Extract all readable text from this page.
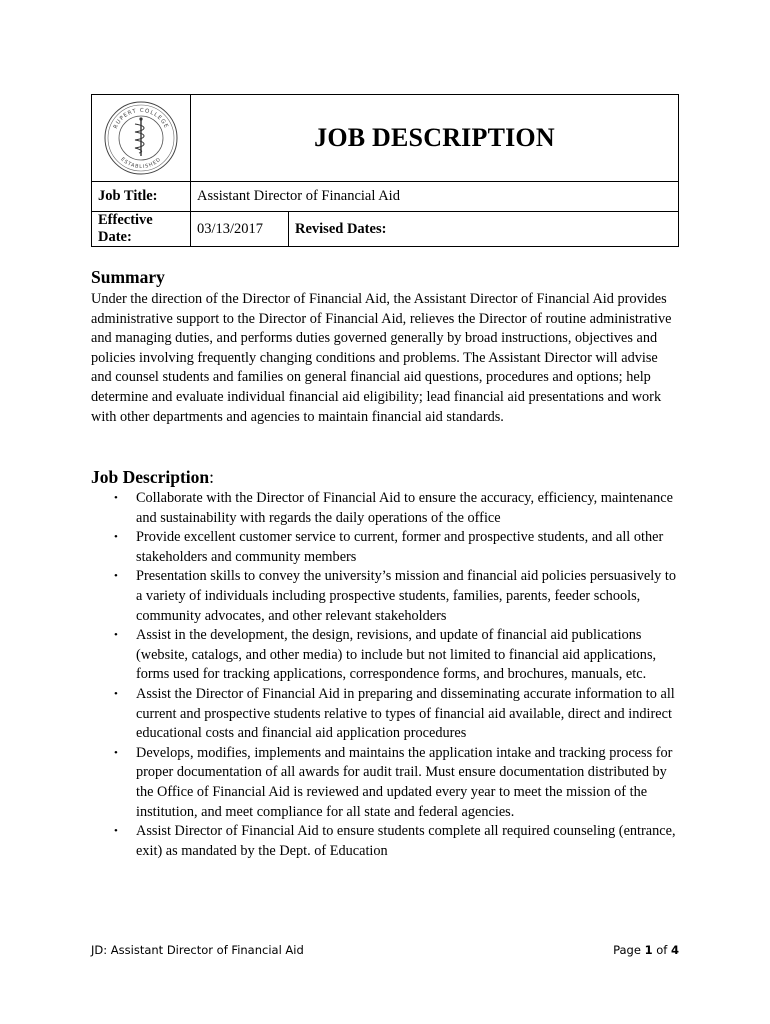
RUPERT COLLEGE
ESTABLISHED	JOB DESCRIPTION		
Job Title:	Assistant Director of Financial Aid		
Effective Date:	03/13/2017	Revised Dates:	
Summary
Under the direction of the Director of Financial Aid, the Assistant Director of Financial Aid provides administrative support to the Director of Financial Aid, relieves the Director of routine administrative and managing duties, and performs duties governed generally by broad instructions, objectives and policies involving frequently changing conditions and problems. The Assistant Director will advise and counsel students and families on general financial aid questions, procedures and options; help determine and evaluate individual financial aid eligibility; lead financial aid presentations and work with other departments and agencies to maintain financial aid standards.
Job Description:
• Collaborate with the Director of Financial Aid to ensure the accuracy, efficiency, maintenance and sustainability with regards the daily operations of the office
• Provide excellent customer service to current, former and prospective students, and all other stakeholders and community members
• Presentation skills to convey the university’s mission and financial aid policies persuasively to a variety of individuals including prospective students, families, parents, feeder schools, community advocates, and other relevant stakeholders
• Assist in the development, the design, revisions, and update of financial aid publications (website, catalogs, and other media) to include but not limited to financial aid applications, forms used for tracking applications, correspondence forms, and brochures, manuals, etc.
• Assist the Director of Financial Aid in preparing and disseminating accurate information to all current and prospective students relative to types of financial aid available, direct and indirect educational costs and financial aid application procedures
• Develops, modifies, implements and maintains the application intake and tracking process for proper documentation of all awards for audit trail. Must ensure documentation distributed by the Office of Financial Aid is reviewed and updated every year to meet the mission of the institution, and meet compliance for all state and federal agencies.
• Assist Director of Financial Aid to ensure students complete all required counseling (entrance, exit) as mandated by the Dept. of Education
JD: Assistant Director of Financial Aid	Page 1 of 4
